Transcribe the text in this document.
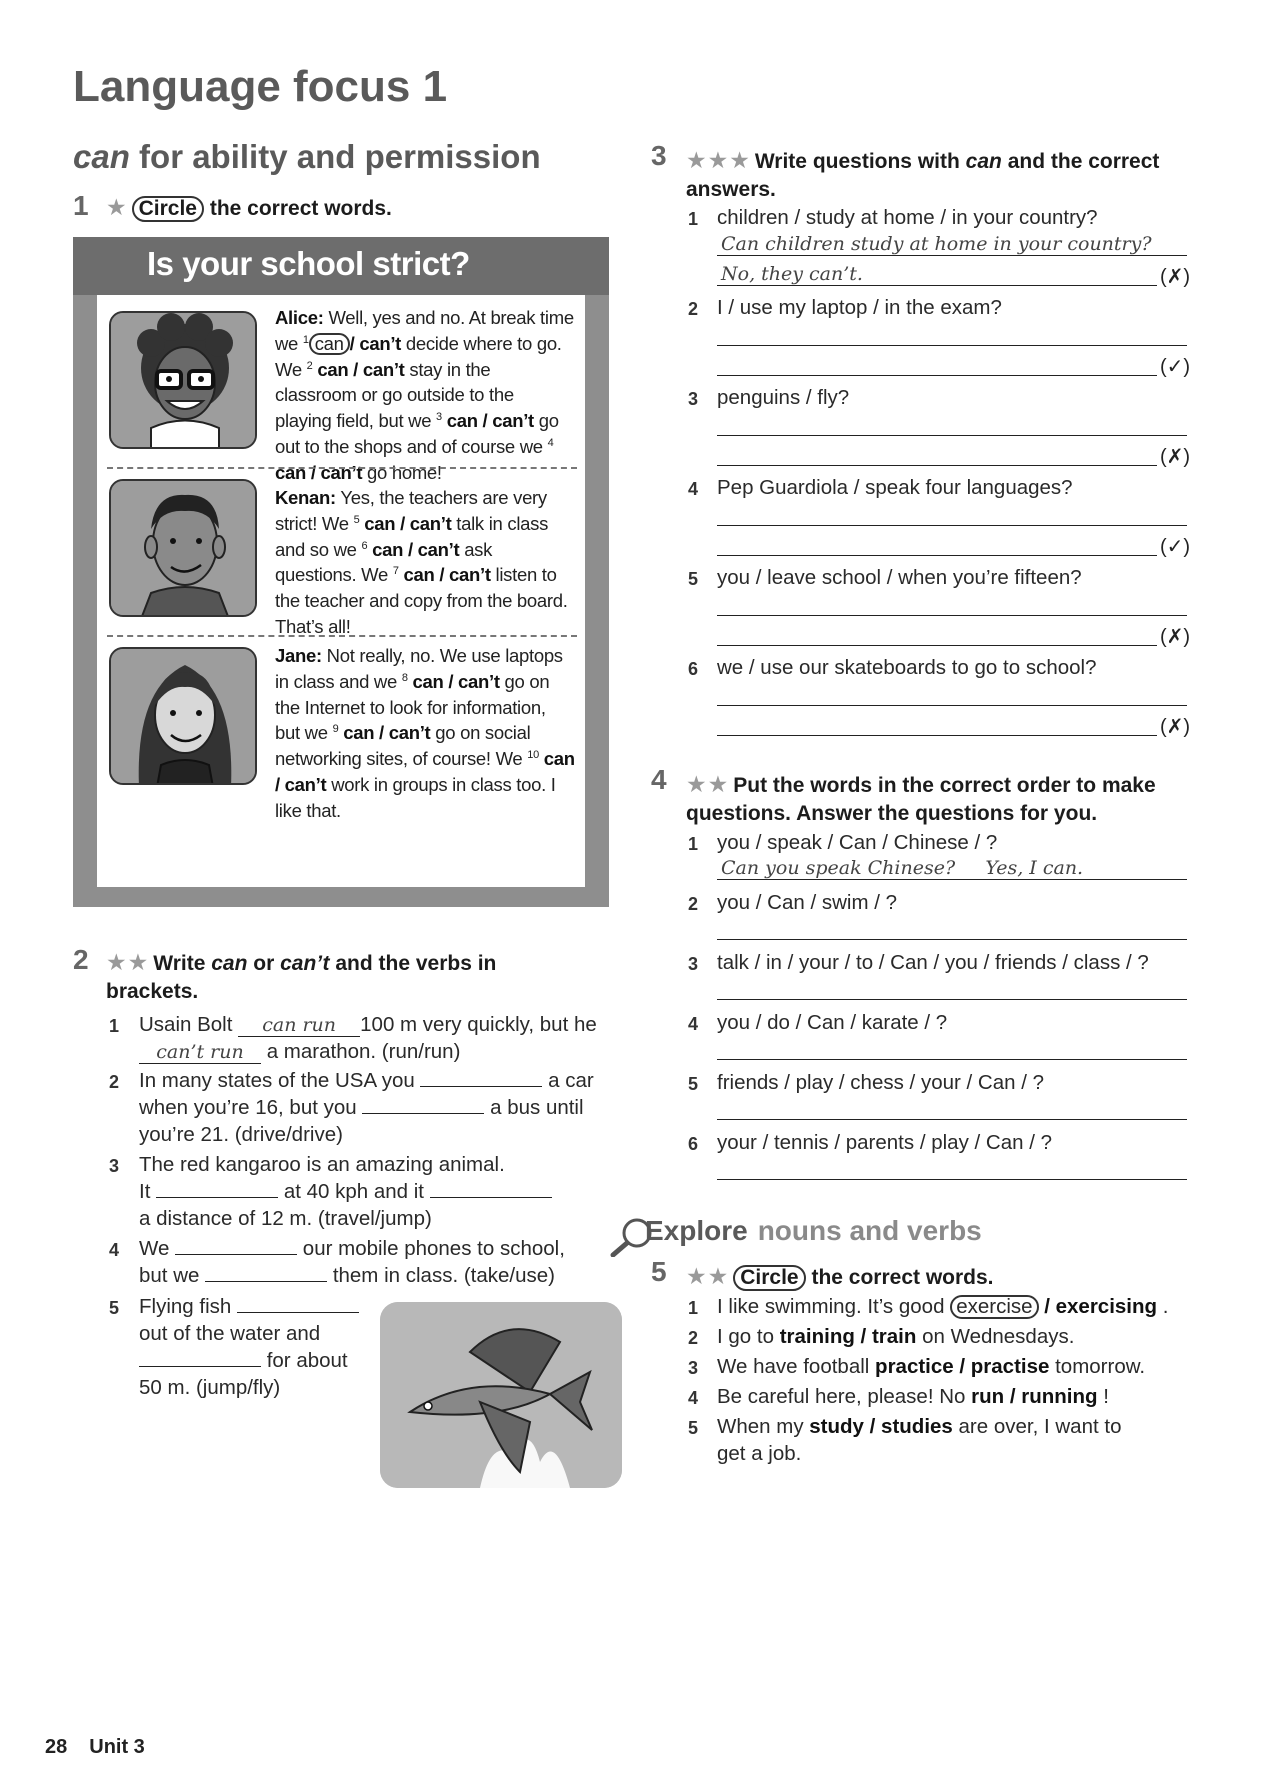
Language focus 1
can for ability and permission
1 ★ Circle the correct words.
Is your school strict?
Alice: Well, yes and no. At break time we $^1$ can / can’t decide where to go. We $^2$ can / can’t stay in the classroom or go outside to the playing field, but we $^3$ can / can’t go out to the shops and of course we $^4$ can / can’t go home!
Kenan: Yes, the teachers are very strict! We $^5$ can / can’t talk in class and so we $^6$ can / can’t ask questions. We $^7$ can / can’t listen to the teacher and copy from the board. That’s all!
Jane: Not really, no. We use laptops in class and we $^8$ can / can’t go on the Internet to look for information, but we $^9$ can / can’t go on social networking sites, of course! We $^{10}$ can / can’t work in groups in class too. I like that.
2 ★★ Write can or can’t and the verbs in brackets.
1 Usain Bolt can run 100 m very quickly, but he
can’t run a marathon. (run/run)
2 In many states of the USA you	a car
when you’re 16, but you	a bus until
you’re 21. (drive/drive)
3 The red kangaroo is an amazing animal.
It	at 40 kph and it
a distance of 12 m. (travel/jump)
4 We	our mobile phones to school,
but we	them in class. (take/use)
5 Flying fish
out of the water and
for about
50 m. (jump/fly)
3 ★★★ Write questions with can and the correct answers.
1 children / study at home / in your country?
Can children study at home in your country?
No, they can’t.	(✗)
2 I / use my laptop / in the exam?
(✓)
3 penguins / fly?
(✗)
4 Pep Guardiola / speak four languages?
(✓)
5 you / leave school / when you’re fifteen?
(✗)
6 we / use our skateboards to go to school?
(✗)
4 ★★ Put the words in the correct order to make questions. Answer the questions for you.
1 you / speak / Can / Chinese / ?
Can you speak Chinese?     Yes, I can.
2 you / Can / swim / ?
3 talk / in / your / to / Can / you / friends / class / ?
4 you / do / Can / karate / ?
5 friends / play / chess / your / Can / ?
6 your / tennis / parents / play / Can / ?
Explore nouns and verbs
5 ★★ Circle the correct words.
1 I like swimming. It’s good exercise / exercising .
2 I go to training / train on Wednesdays.
3 We have football practice / practise tomorrow.
4 Be careful here, please! No run / running !
5 When my study / studies are over, I want to
get a job.
28 Unit 3
